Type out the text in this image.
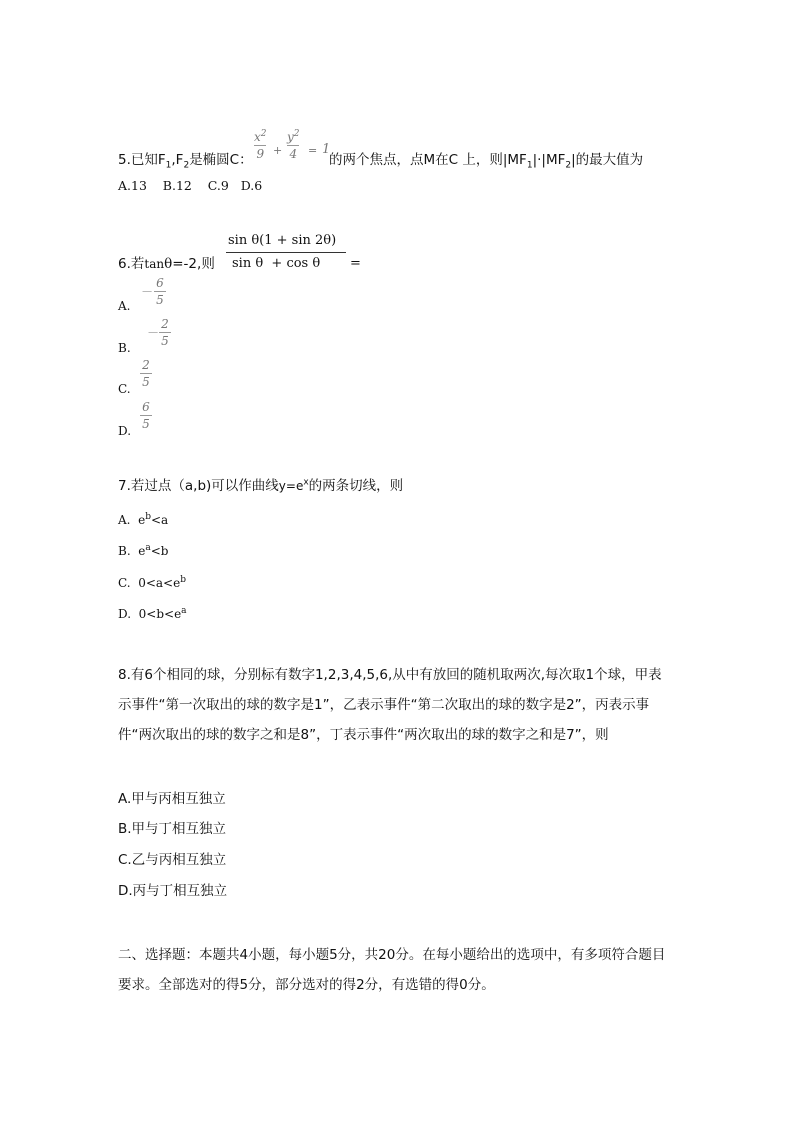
5.已知$F_1,F_2$是椭圆C：
$x^2$
9 +
$y^2$
4 = 1
的两个焦点，点M在C 上，则$|MF_1|\cdot|MF_2|$的最大值为
A.13    B.12    C.9   D.6
6.若tanθ=-2,则
sin θ(1 + sin 2θ)
sin θ  + cos θ =
A.
－
6
5
B.
－
2
5
C.
2
5
D.
6
5
7.若过点（a,b)可以作曲线$y=e^x$的两条切线，则
A.  $e^b<a$
B.  $e^a<b$
C.  $0<a<e^b$
D.  $0<b<e^a$
8.有6个相同的球，分别标有数字1,2,3,4,5,6,从中有放回的随机取两次,每次取1个球，甲表示事件“第一次取出的球的数字是1”，乙表示事件“第二次取出的球的数字是2”，丙表示事件“两次取出的球的数字之和是8”，丁表示事件“两次取出的球的数字之和是7”，则
A.甲与丙相互独立
B.甲与丁相互独立
C.乙与丙相互独立
D.丙与丁相互独立
二、选择题：本题共4小题，每小题5分，共20分。在每小题给出的选项中，有多项符合题目要求。全部选对的得5分，部分选对的得2分，有选错的得0分。
